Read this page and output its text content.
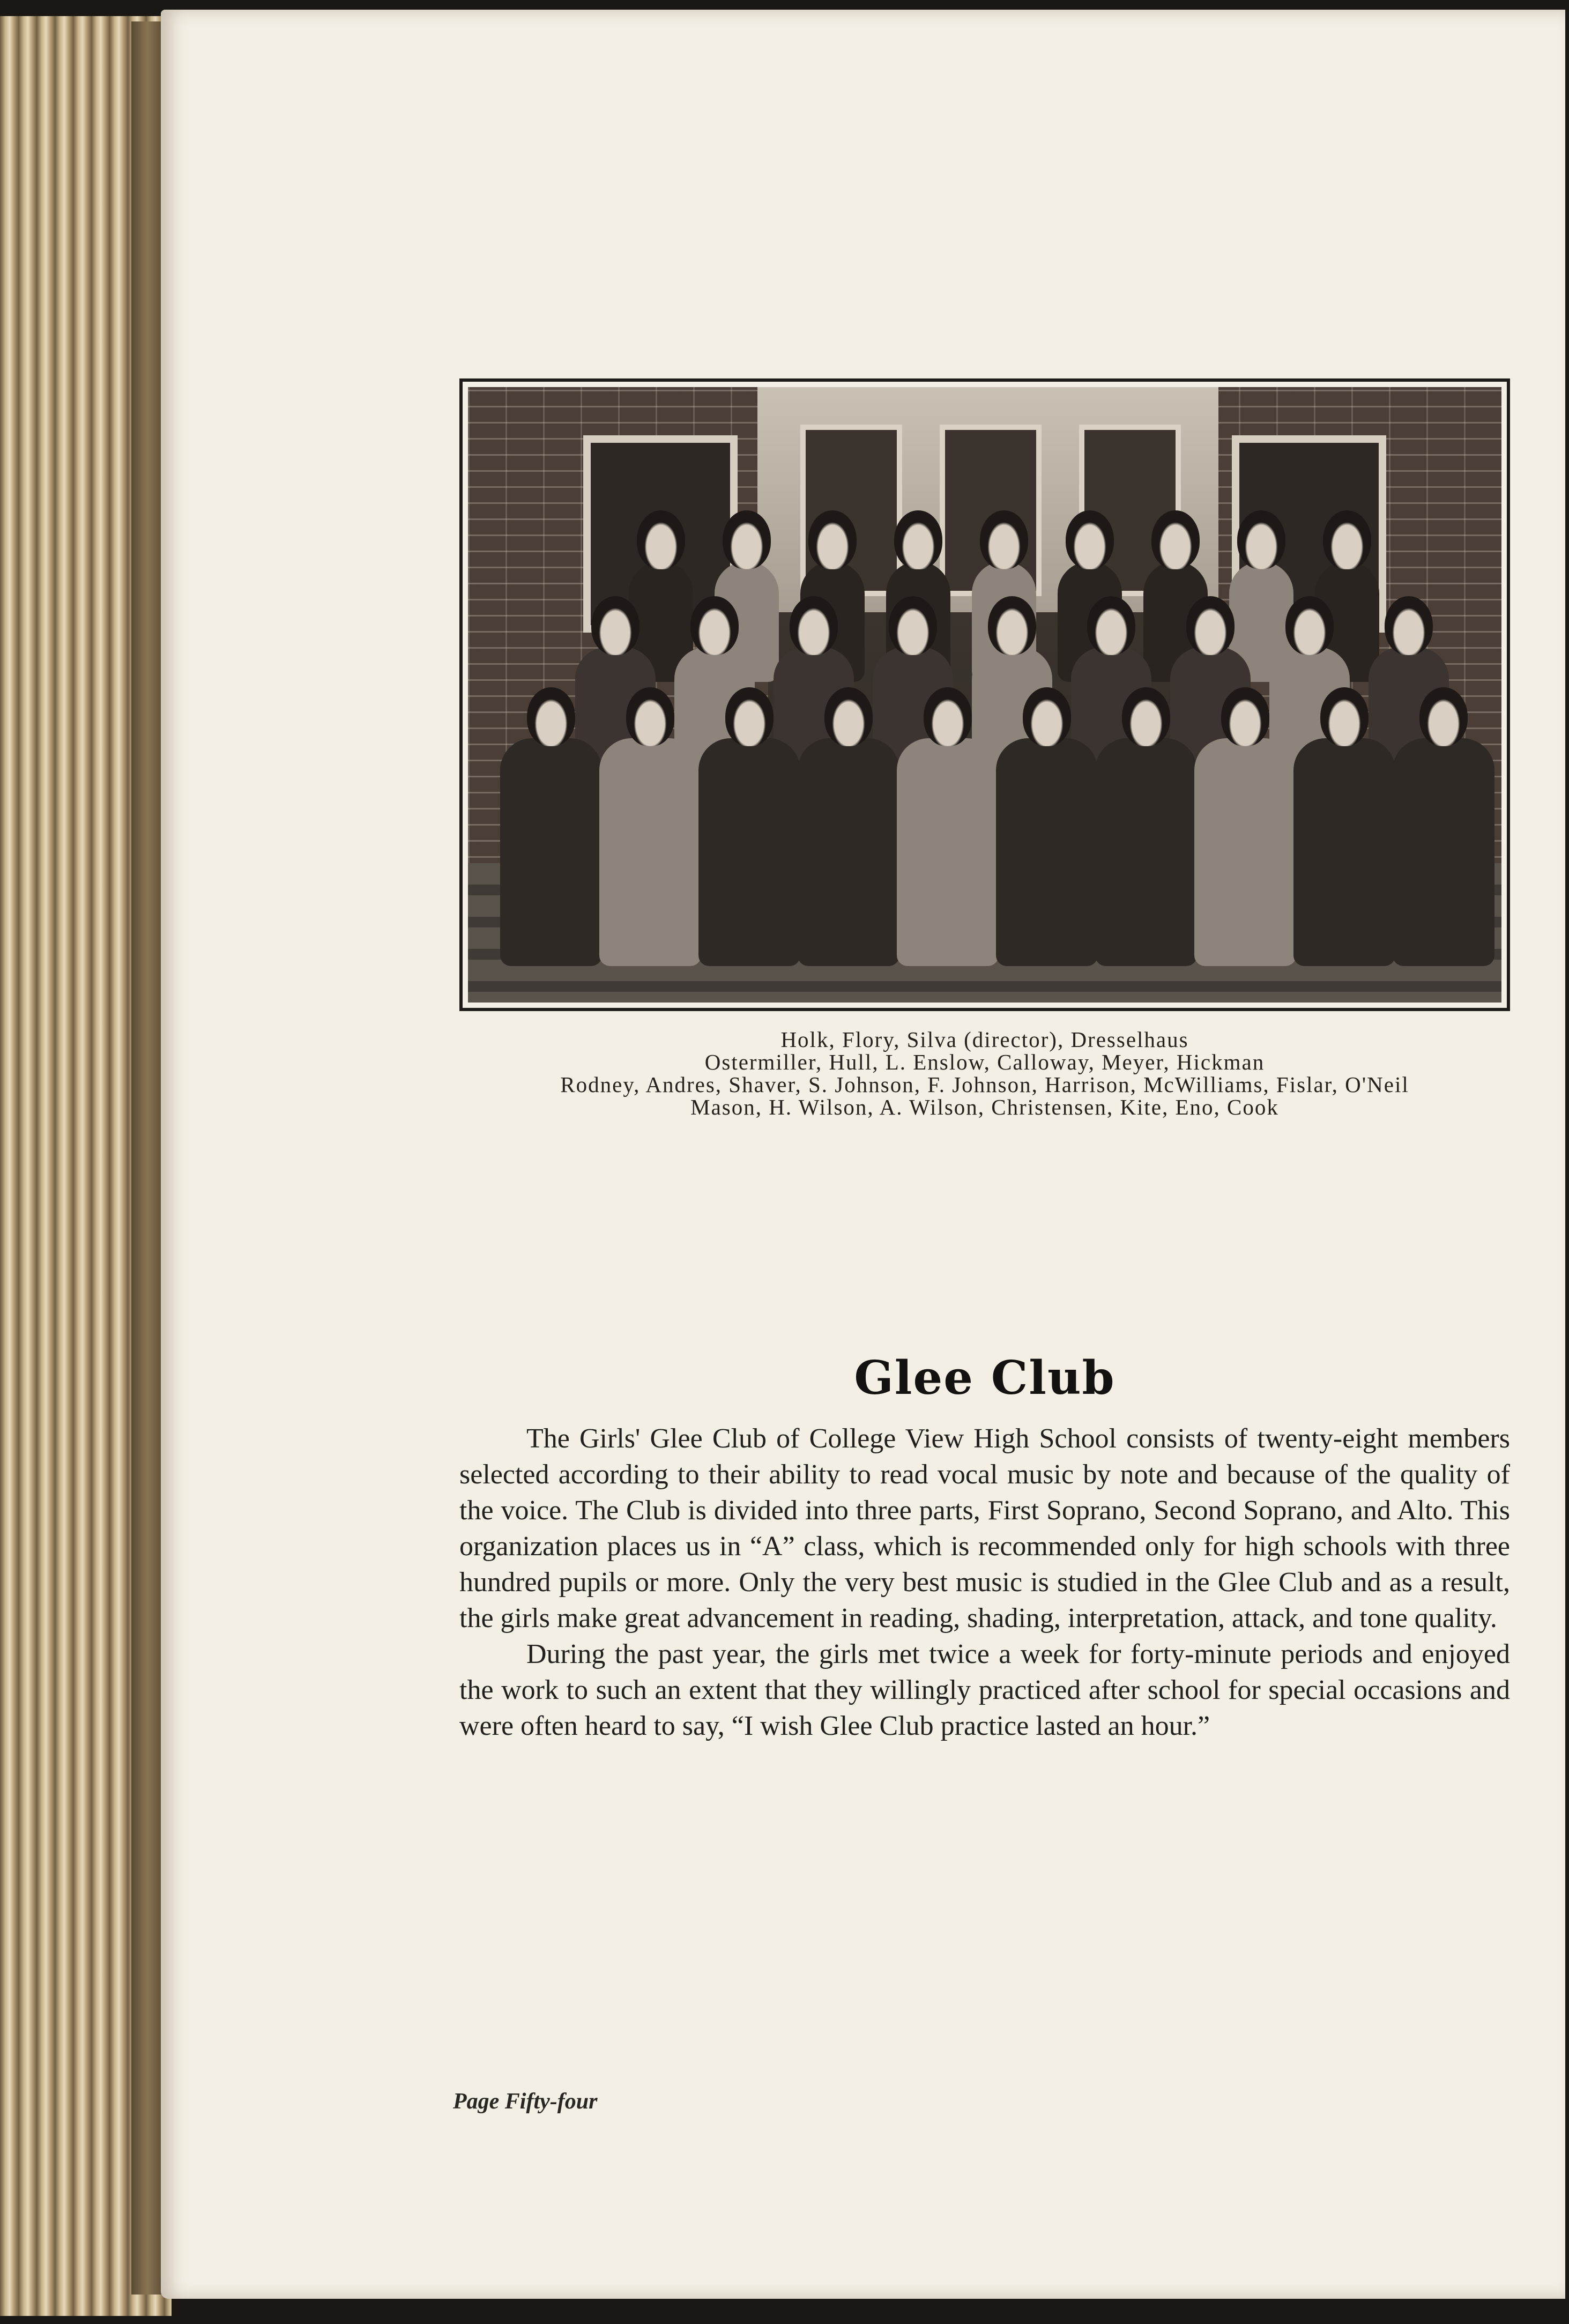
Holk, Flory, Silva (director), Dresselhaus
Ostermiller, Hull, L. Enslow, Calloway, Meyer, Hickman
Rodney, Andres, Shaver, S. Johnson, F. Johnson, Harrison, McWilliams, Fislar, O'Neil
Mason, H. Wilson, A. Wilson, Christensen, Kite, Eno, Cook
Glee Club

The Girls' Glee Club of College View High School consists of twenty-eight members selected according to their ability to read vocal music by note and because of the quality of the voice. The Club is divided into three parts, First Soprano, Second Soprano, and Alto. This organization places us in “A” class, which is recommended only for high schools with three hundred pupils or more. Only the very best music is studied in the Glee Club and as a result, the girls make great advancement in reading, shading, interpretation, attack, and tone quality.

During the past year, the girls met twice a week for forty-minute periods and enjoyed the work to such an extent that they willingly practiced after school for special occasions and were often heard to say, “I wish Glee Club practice lasted an hour.”

Page Fifty-four
